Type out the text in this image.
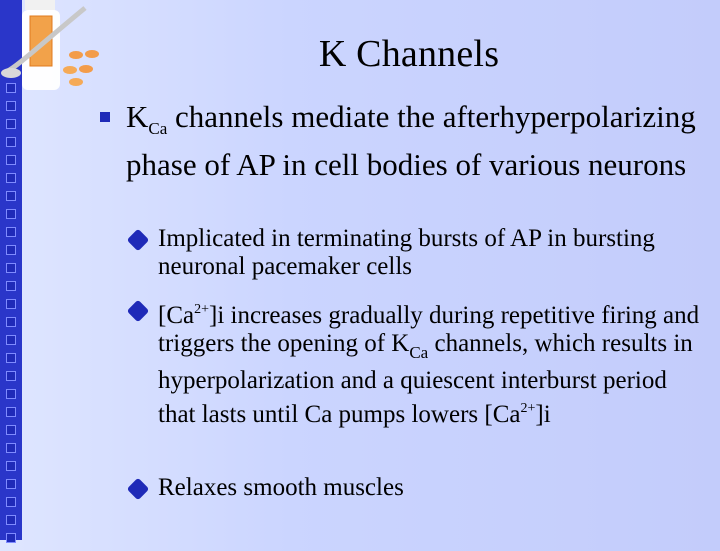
K Channels
$K_{Ca}$ channels mediate the afterhyperpolarizing phase of AP in cell bodies of various neurons
Implicated in terminating bursts of AP in bursting neuronal pacemaker cells
$[Ca^{2+}]i$ increases gradually during repetitive firing and triggers the opening of $K_{Ca}$ channels, which results in hyperpolarization and a quiescent interburst period that lasts until Ca pumps lowers $[Ca^{2+}]i$
Relaxes smooth muscles
